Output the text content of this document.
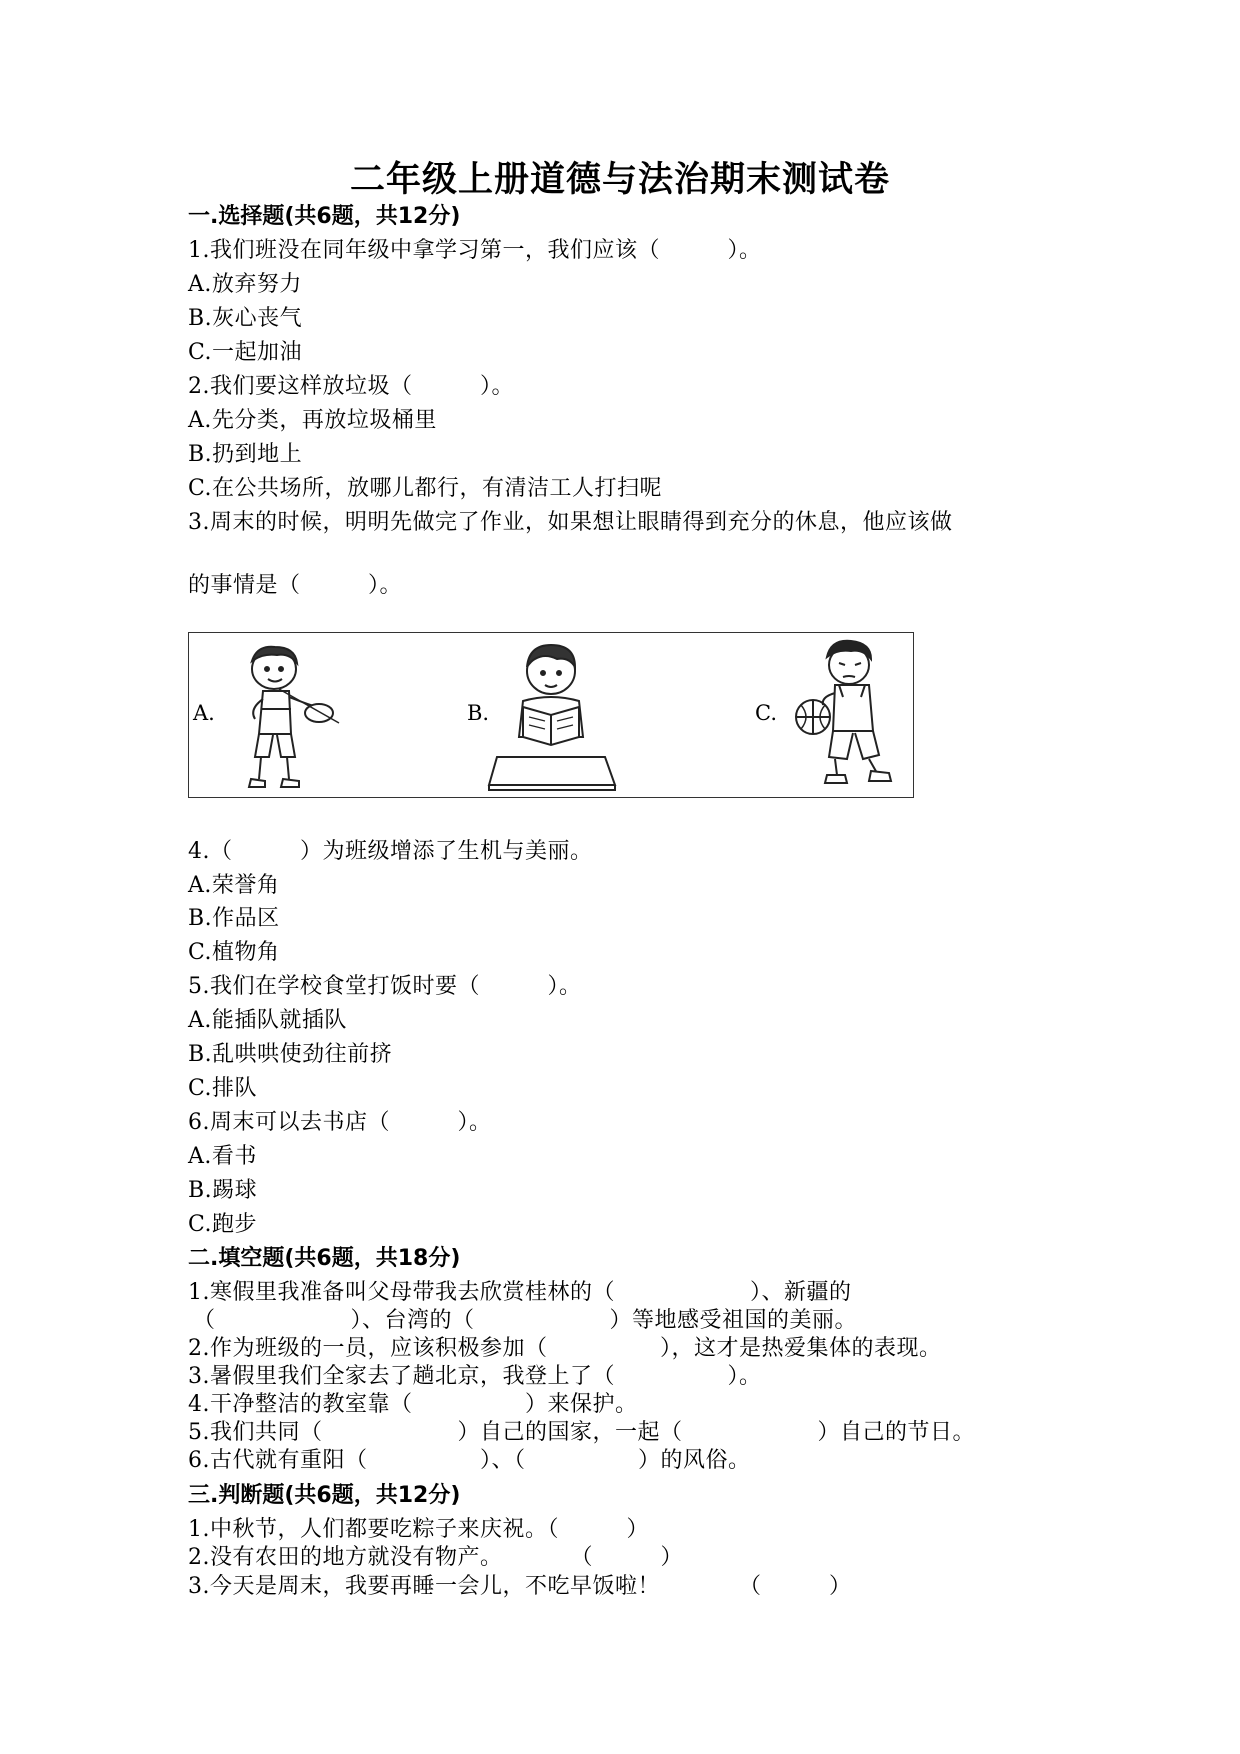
二年级上册道德与法治期末测试卷
一.选择题(共6题，共12分)
1.我们班没在同年级中拿学习第一，我们应该（　　　）。
A.放弃努力
B.灰心丧气
C.一起加油
2.我们要这样放垃圾（　　　）。
A.先分类，再放垃圾桶里
B.扔到地上
C.在公共场所，放哪儿都行，有清洁工人打扫呢
3.周末的时候，明明先做完了作业，如果想让眼睛得到充分的休息，他应该做
的事情是（　　　）。
A.	B.	C.
4.（　　　）为班级增添了生机与美丽。
A.荣誉角
B.作品区
C.植物角
5.我们在学校食堂打饭时要（　　　）。
A.能插队就插队
B.乱哄哄使劲往前挤
C.排队
6.周末可以去书店（　　　）。
A.看书
B.踢球
C.跑步
二.填空题(共6题，共18分)
1.寒假里我准备叫父母带我去欣赏桂林的（　　　　　　）、新疆的
（　　　　　　）、台湾的（　　　　　　）等地感受祖国的美丽。
2.作为班级的一员，应该积极参加（　　　　　），这才是热爱集体的表现。
3.暑假里我们全家去了趟北京，我登上了（　　　　　）。
4.干净整洁的教室靠（　　　　　）来保护。
5.我们共同（　　　　　　）自己的国家，一起（　　　　　　）自己的节日。
6.古代就有重阳（　　　　　）、（　　　　　）的风俗。
三.判断题(共6题，共12分)
1.中秋节，人们都要吃粽子来庆祝。（　　　）
2.没有农田的地方就没有物产。　　　　（　　　）
3.今天是周末，我要再睡一会儿，不吃早饭啦！　　　　（　　　）
